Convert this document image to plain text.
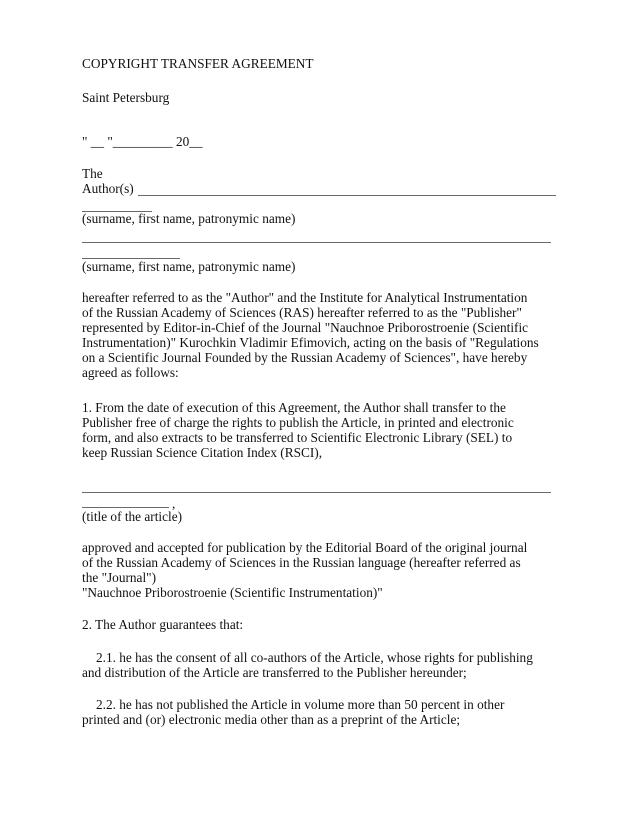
COPYRIGHT TRANSFER AGREEMENT
Saint Petersburg
" __ "_________ 20__
The
Author(s)
(surname, first name, patronymic name)
(surname, first name, patronymic name)
hereafter referred to as the "Author" and the Institute for Analytical Instrumentation
of the Russian Academy of Sciences (RAS) hereafter referred to as the "Publisher"
represented by Editor-in-Chief of the Journal "Nauchnoe Priborostroenie (Scientific
Instrumentation)" Kurochkin Vladimir Efimovich, acting on the basis of "Regulations
on a Scientific Journal Founded by the Russian Academy of Sciences", have hereby
agreed as follows:
1. From the date of execution of this Agreement, the Author shall transfer to the
Publisher free of charge the rights to publish the Article, in printed and electronic
form, and also extracts to be transferred to Scientific Electronic Library (SEL) to
keep Russian Science Citation Index (RSCI),
,
(title of the article)
approved and accepted for publication by the Editorial Board of the original journal
of the Russian Academy of Sciences in the Russian language (hereafter referred as
the "Journal")
"Nauchnoe Priborostroenie (Scientific Instrumentation)"
2. The Author guarantees that:
2.1. he has the consent of all co-authors of the Article, whose rights for publishing
and distribution of the Article are transferred to the Publisher hereunder;
2.2. he has not published the Article in volume more than 50 percent in other
printed and (or) electronic media other than as a preprint of the Article;
